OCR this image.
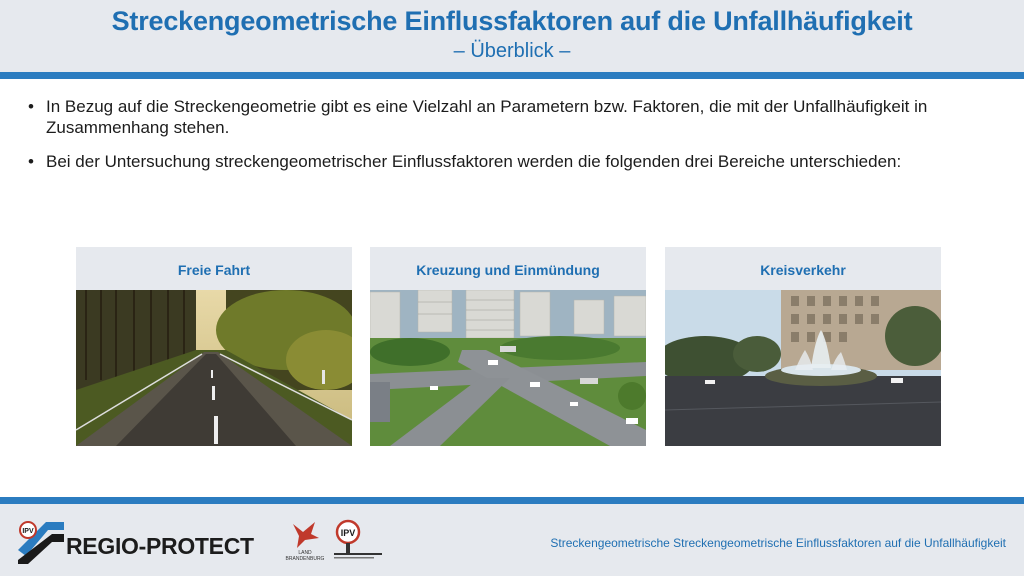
Streckengeometrische Einflussfaktoren auf die Unfallhäufigkeit
– Überblick –
• In Bezug auf die Streckengeometrie gibt es eine Vielzahl an Parametern bzw. Faktoren, die mit der Unfallhäufigkeit in Zusammenhang stehen.
• Bei der Untersuchung streckengeometrischer Einflussfaktoren werden die folgenden drei Bereiche unterschieden:
Freie Fahrt	Kreuzung und Einmündung	Kreisverkehr
IPV
REGIO-PROTECT	LAND
BRANDENBURG
IPV
Streckengeometrische Streckengeometrische Einflussfaktoren auf die Unfallhäufigkeit
